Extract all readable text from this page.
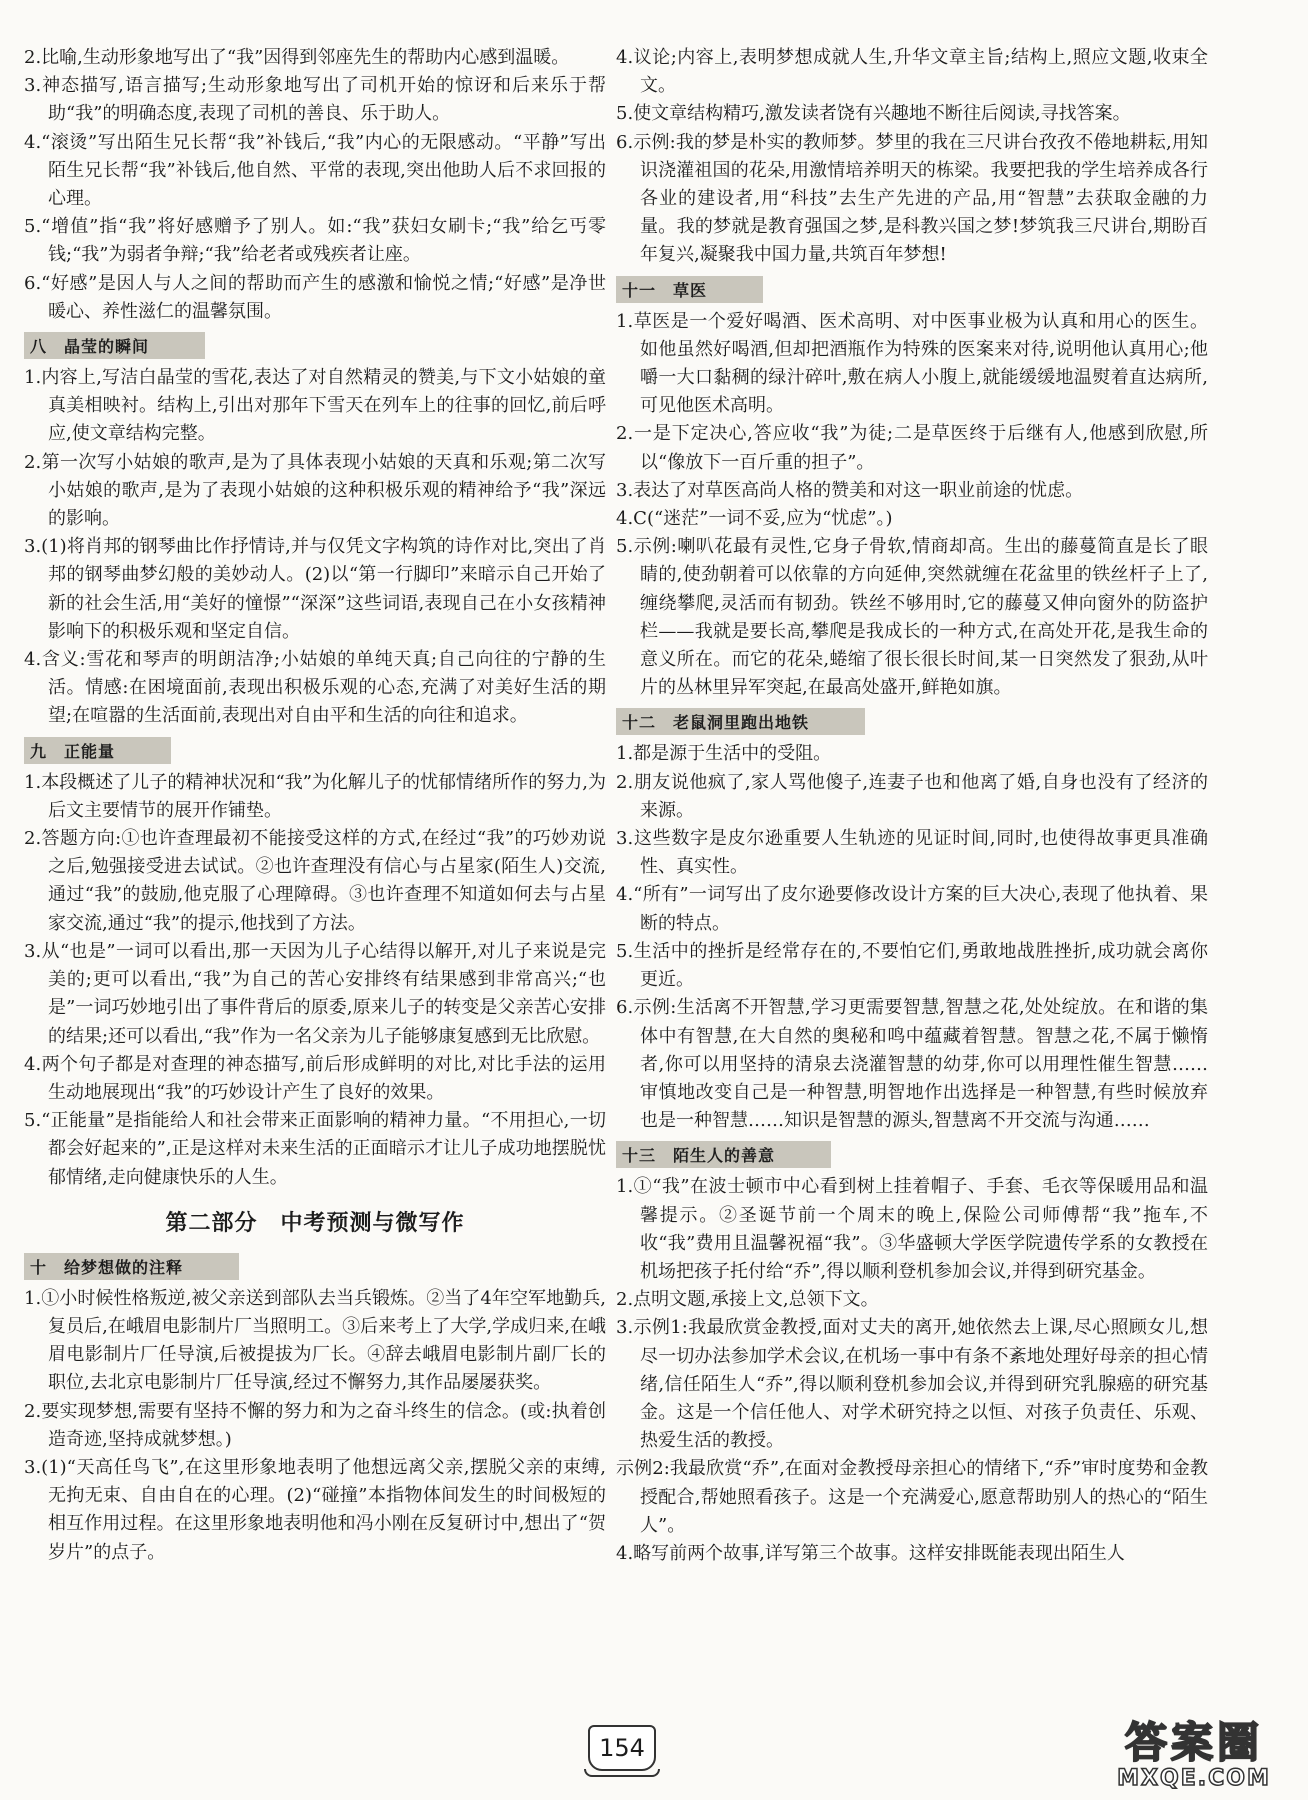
2.比喻,生动形象地写出了“我”因得到邻座先生的帮助内心感到温暖。

3.神态描写,语言描写;生动形象地写出了司机开始的惊讶和后来乐于帮助“我”的明确态度,表现了司机的善良、乐于助人。

4.“滚烫”写出陌生兄长帮“我”补钱后,“我”内心的无限感动。“平静”写出陌生兄长帮“我”补钱后,他自然、平常的表现,突出他助人后不求回报的心理。

5.“增值”指“我”将好感赠予了别人。如:“我”获妇女刷卡;“我”给乞丐零钱;“我”为弱者争辩;“我”给老者或残疾者让座。

6.“好感”是因人与人之间的帮助而产生的感激和愉悦之情;“好感”是净世暖心、养性滋仁的温馨氛围。

八　晶莹的瞬间

1.内容上,写洁白晶莹的雪花,表达了对自然精灵的赞美,与下文小姑娘的童真美相映衬。结构上,引出对那年下雪天在列车上的往事的回忆,前后呼应,使文章结构完整。

2.第一次写小姑娘的歌声,是为了具体表现小姑娘的天真和乐观;第二次写小姑娘的歌声,是为了表现小姑娘的这种积极乐观的精神给予“我”深远的影响。

3.(1)将肖邦的钢琴曲比作抒情诗,并与仅凭文字构筑的诗作对比,突出了肖邦的钢琴曲梦幻般的美妙动人。(2)以“第一行脚印”来暗示自己开始了新的社会生活,用“美好的憧憬”“深深”这些词语,表现自己在小女孩精神影响下的积极乐观和坚定自信。

4.含义:雪花和琴声的明朗洁净;小姑娘的单纯天真;自己向往的宁静的生活。情感:在困境面前,表现出积极乐观的心态,充满了对美好生活的期望;在喧嚣的生活面前,表现出对自由平和生活的向往和追求。

九　正能量

1.本段概述了儿子的精神状况和“我”为化解儿子的忧郁情绪所作的努力,为后文主要情节的展开作铺垫。

2.答题方向:①也许查理最初不能接受这样的方式,在经过“我”的巧妙劝说之后,勉强接受进去试试。②也许查理没有信心与占星家(陌生人)交流,通过“我”的鼓励,他克服了心理障碍。③也许查理不知道如何去与占星家交流,通过“我”的提示,他找到了方法。

3.从“也是”一词可以看出,那一天因为儿子心结得以解开,对儿子来说是完美的;更可以看出,“我”为自己的苦心安排终有结果感到非常高兴;“也是”一词巧妙地引出了事件背后的原委,原来儿子的转变是父亲苦心安排的结果;还可以看出,“我”作为一名父亲为儿子能够康复感到无比欣慰。

4.两个句子都是对查理的神态描写,前后形成鲜明的对比,对比手法的运用生动地展现出“我”的巧妙设计产生了良好的效果。

5.“正能量”是指能给人和社会带来正面影响的精神力量。“不用担心,一切都会好起来的”,正是这样对未来生活的正面暗示才让儿子成功地摆脱忧郁情绪,走向健康快乐的人生。

第二部分　中考预测与微写作
十　给梦想做的注释

1.①小时候性格叛逆,被父亲送到部队去当兵锻炼。②当了4年空军地勤兵,复员后,在峨眉电影制片厂当照明工。③后来考上了大学,学成归来,在峨眉电影制片厂任导演,后被提拔为厂长。④辞去峨眉电影制片副厂长的职位,去北京电影制片厂任导演,经过不懈努力,其作品屡屡获奖。

2.要实现梦想,需要有坚持不懈的努力和为之奋斗终生的信念。(或:执着创造奇迹,坚持成就梦想。)

3.(1)“天高任鸟飞”,在这里形象地表明了他想远离父亲,摆脱父亲的束缚,无拘无束、自由自在的心理。(2)“碰撞”本指物体间发生的时间极短的相互作用过程。在这里形象地表明他和冯小刚在反复研讨中,想出了“贺岁片”的点子。

4.议论;内容上,表明梦想成就人生,升华文章主旨;结构上,照应文题,收束全文。

5.使文章结构精巧,激发读者饶有兴趣地不断往后阅读,寻找答案。

6.示例:我的梦是朴实的教师梦。梦里的我在三尺讲台孜孜不倦地耕耘,用知识浇灌祖国的花朵,用激情培养明天的栋梁。我要把我的学生培养成各行各业的建设者,用“科技”去生产先进的产品,用“智慧”去获取金融的力量。我的梦就是教育强国之梦,是科教兴国之梦!梦筑我三尺讲台,期盼百年复兴,凝聚我中国力量,共筑百年梦想!

十一　草医

1.草医是一个爱好喝酒、医术高明、对中医事业极为认真和用心的医生。如他虽然好喝酒,但却把酒瓶作为特殊的医案来对待,说明他认真用心;他嚼一大口黏稠的绿汁碎叶,敷在病人小腹上,就能缓缓地温熨着直达病所,可见他医术高明。

2.一是下定决心,答应收“我”为徒;二是草医终于后继有人,他感到欣慰,所以“像放下一百斤重的担子”。

3.表达了对草医高尚人格的赞美和对这一职业前途的忧虑。

4.C(“迷茫”一词不妥,应为“忧虑”。)

5.示例:喇叭花最有灵性,它身子骨软,情商却高。生出的藤蔓简直是长了眼睛的,使劲朝着可以依靠的方向延伸,突然就缠在花盆里的铁丝杆子上了,缠绕攀爬,灵活而有韧劲。铁丝不够用时,它的藤蔓又伸向窗外的防盗护栏——我就是要长高,攀爬是我成长的一种方式,在高处开花,是我生命的意义所在。而它的花朵,蜷缩了很长很长时间,某一日突然发了狠劲,从叶片的丛林里异军突起,在最高处盛开,鲜艳如旗。

十二　老鼠洞里跑出地铁

1.都是源于生活中的受阻。

2.朋友说他疯了,家人骂他傻子,连妻子也和他离了婚,自身也没有了经济的来源。

3.这些数字是皮尔逊重要人生轨迹的见证时间,同时,也使得故事更具准确性、真实性。

4.“所有”一词写出了皮尔逊要修改设计方案的巨大决心,表现了他执着、果断的特点。

5.生活中的挫折是经常存在的,不要怕它们,勇敢地战胜挫折,成功就会离你更近。

6.示例:生活离不开智慧,学习更需要智慧,智慧之花,处处绽放。在和谐的集体中有智慧,在大自然的奥秘和鸣中蕴藏着智慧。智慧之花,不属于懒惰者,你可以用坚持的清泉去浇灌智慧的幼芽,你可以用理性催生智慧……审慎地改变自己是一种智慧,明智地作出选择是一种智慧,有些时候放弃也是一种智慧……知识是智慧的源头,智慧离不开交流与沟通……

十三　陌生人的善意

1.①“我”在波士顿市中心看到树上挂着帽子、手套、毛衣等保暖用品和温馨提示。②圣诞节前一个周末的晚上,保险公司师傅帮“我”拖车,不收“我”费用且温馨祝福“我”。③华盛顿大学医学院遗传学系的女教授在机场把孩子托付给“乔”,得以顺利登机参加会议,并得到研究基金。

2.点明文题,承接上文,总领下文。

3.示例1:我最欣赏金教授,面对丈夫的离开,她依然去上课,尽心照顾女儿,想尽一切办法参加学术会议,在机场一事中有条不紊地处理好母亲的担心情绪,信任陌生人“乔”,得以顺利登机参加会议,并得到研究乳腺癌的研究基金。这是一个信任他人、对学术研究持之以恒、对孩子负责任、乐观、热爱生活的教授。

示例2:我最欣赏“乔”,在面对金教授母亲担心的情绪下,“乔”审时度势和金教授配合,帮她照看孩子。这是一个充满爱心,愿意帮助别人的热心的“陌生人”。

4.略写前两个故事,详写第三个故事。这样安排既能表现出陌生人

154	答案圈
MXQE.COM
